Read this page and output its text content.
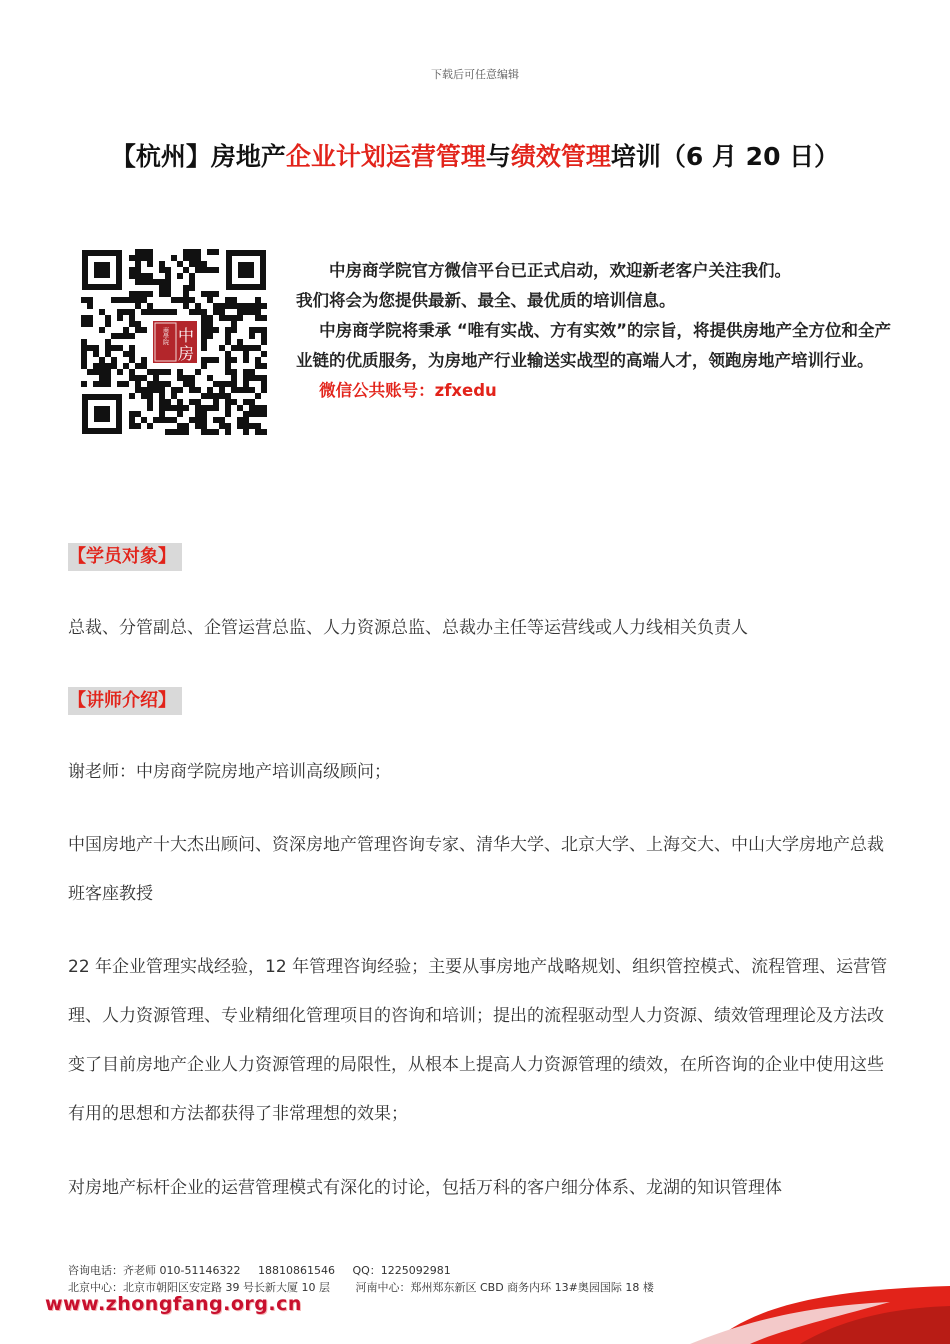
下载后可任意编辑
【杭州】房地产企业计划运营管理与绩效管理培训（6 月 20 日）
中
房
商學院

中房商学院官方微信平台已正式启动，欢迎新老客户关注我们。

我们将会为您提供最新、最全、最优质的培训信息。

中房商学院将秉承 “唯有实战、方有实效”的宗旨，将提供房地产全方位和全产业链的优质服务，为房地产行业输送实战型的高端人才，领跑房地产培训行业。

微信公共账号：zfxedu

【学员对象】

总裁、分管副总、企管运营总监、人力资源总监、总裁办主任等运营线或人力线相关负责人

【讲师介绍】

谢老师：中房商学院房地产培训高级顾问；

中国房地产十大杰出顾问、资深房地产管理咨询专家、清华大学、北京大学、上海交大、中山大学房地产总裁班客座教授

22 年企业管理实战经验，12 年管理咨询经验；主要从事房地产战略规划、组织管控模式、流程管理、运营管理、人力资源管理、专业精细化管理项目的咨询和培训；提出的流程驱动型人力资源、绩效管理理论及方法改变了目前房地产企业人力资源管理的局限性，从根本上提高人力资源管理的绩效，在所咨询的企业中使用这些有用的思想和方法都获得了非常理想的效果；

对房地产标杆企业的运营管理模式有深化的讨论，包括万科的客户细分体系、龙湖的知识管理体

咨询电话：齐老师 010-51146322 18810861546 QQ：1225092981
北京中心：北京市朝阳区安定路 39 号长新大厦 10 层 河南中心：郑州郑东新区 CBD 商务内环 13#奥园国际 18 楼
www.zhongfang.org.cn
